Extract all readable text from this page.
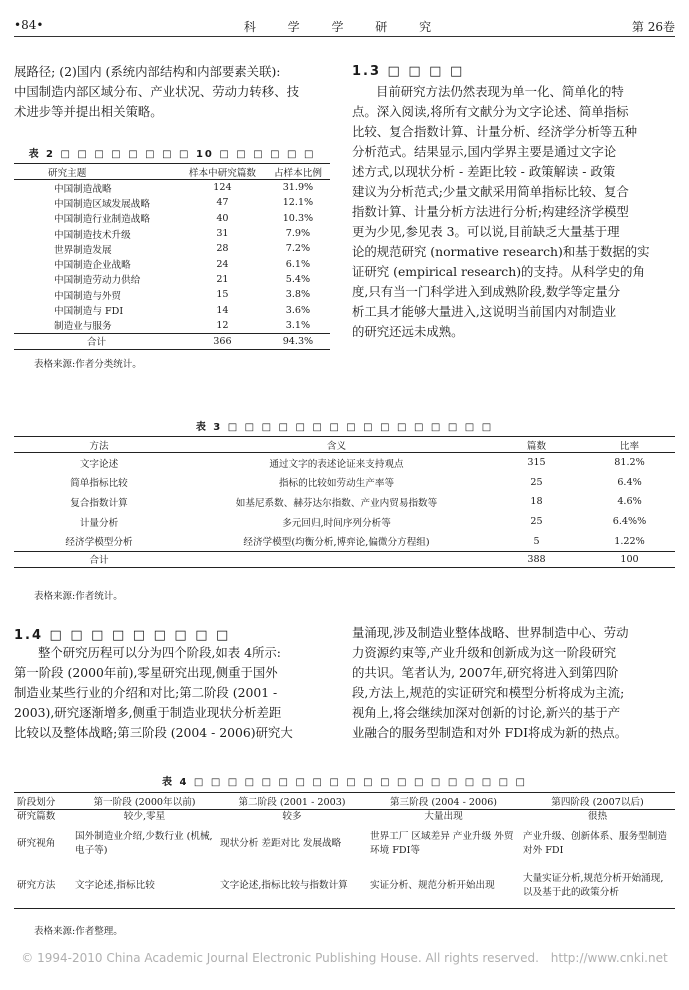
•84•	科 学 学 研 究	第 26卷
展路径; (2)国内 (系统内部结构和内部要素关联):
中国制造内部区域分布、产业状况、劳动力转移、技
术进步等并提出相关策略。
表 2 □ □ □ □ □ □ □ □ 10 □ □ □ □ □ □
研究主题	样本中研究篇数	占样本比例
中国制造战略	124	31.9%
中国制造区域发展战略	47	12.1%
中国制造行业制造战略	40	10.3%
中国制造技术升级	31	7.9%
世界制造发展	28	7.2%
中国制造企业战略	24	6.1%
中国制造劳动力供给	21	5.4%
中国制造与外贸	15	3.8%
中国制造与 FDI	14	3.6%
制造业与服务	12	3.1%
合计	366	94.3%
表格来源:作者分类统计。
1.3 □ □ □ □
目前研究方法仍然表现为单一化、简单化的特
点。深入阅读,将所有文献分为文字论述、简单指标
比较、复合指数计算、计量分析、经济学分析等五种
分析范式。结果显示,国内学界主要是通过文字论
述方式,以现状分析 - 差距比较 - 政策解读 - 政策
建议为分析范式;少量文献采用简单指标比较、复合
指数计算、计量分析方法进行分析;构建经济学模型
更为少见,参见表 3。可以说,目前缺乏大量基于理
论的规范研究 (normative research)和基于数据的实
证研究 (empirical research)的支持。从科学史的角
度,只有当一门科学进入到成熟阶段,数学等定量分
析工具才能够大量进入,这说明当前国内对制造业
的研究还远未成熟。
表 3 □ □ □ □ □ □ □ □ □ □ □ □ □ □ □ □
方法	含义	篇数	比率
文字论述	通过文字的表述论证来支持观点	315	81.2%
简单指标比较	指标的比较如劳动生产率等	25	6.4%
复合指数计算	如基尼系数、赫芬达尔指数、产业内贸易指数等	18	4.6%
计量分析	多元回归,时间序列分析等	25	6.4%%
经济学模型分析	经济学模型(均衡分析,博弈论,偏微分方程组)	5	1.22%
合计		388	100
表格来源:作者统计。
1.4 □ □ □ □ □ □ □ □ □
整个研究历程可以分为四个阶段,如表 4所示:
第一阶段 (2000年前),零星研究出现,侧重于国外
制造业某些行业的介绍和对比;第二阶段 (2001 -
2003),研究逐渐增多,侧重于制造业现状分析差距
比较以及整体战略;第三阶段 (2004 - 2006)研究大
量涌现,涉及制造业整体战略、世界制造中心、劳动
力资源约束等,产业升级和创新成为这一阶段研究
的共识。笔者认为, 2007年,研究将进入到第四阶
段,方法上,规范的实证研究和模型分析将成为主流;
视角上,将会继续加深对创新的讨论,新兴的基于产
业融合的服务型制造和对外 FDI将成为新的热点。
表 4 □ □ □ □ □ □ □ □ □ □ □ □ □ □ □ □ □ □ □ □
阶段划分	第一阶段 (2000年以前)	第二阶段 (2001 - 2003)	第三阶段 (2004 - 2006)	第四阶段 (2007以后)
研究篇数	较少,零星	较多	大量出现	很热
研究视角	国外制造业介绍,少数行业 (机械,电子等)	现状分析 差距对比 发展战略	世界工厂 区域差异 产业升级 外贸环境 FDI等	产业升级、创新体系、服务型制造 对外 FDI
研究方法	文字论述,指标比较	文字论述,指标比较与指数计算	实证分析、规范分析开始出现	大量实证分析,规范分析开始涌现,以及基于此的政策分析
表格来源:作者整理。
© 1994-2010 China Academic Journal Electronic Publishing House. All rights reserved. http://www.cnki.net
